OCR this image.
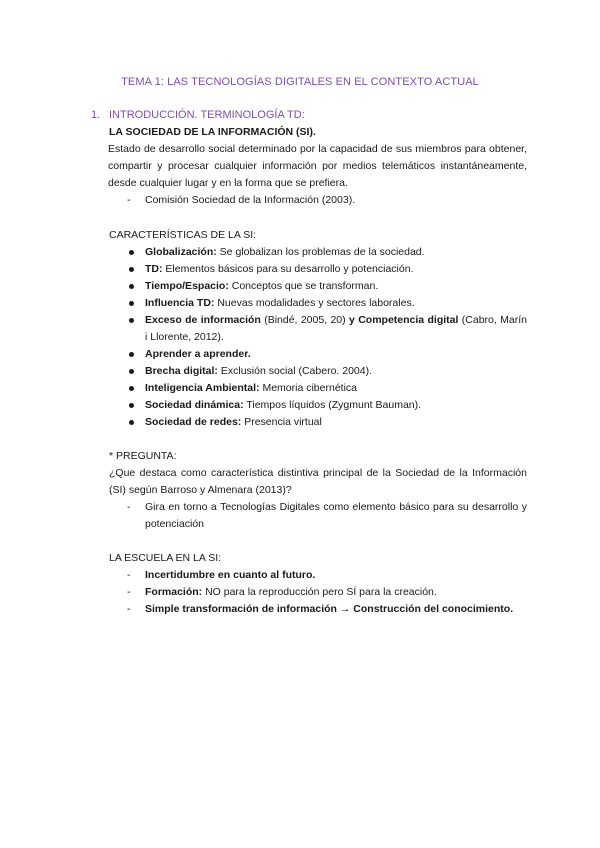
TEMA 1: LAS TECNOLOGÍAS DIGITALES EN EL CONTEXTO ACTUAL
1. INTRODUCCIÓN. TERMINOLOGÍA TD:
LA SOCIEDAD DE LA INFORMACIÓN (SI).
Estado de desarrollo social determinado por la capacidad de sus miembros para obtener, compartir y procesar cualquier información por medios telemáticos instantáneamente, desde cualquier lugar y en la forma que se prefiera.
- Comisión Sociedad de la Información (2003).
CARACTERÍSTICAS DE LA SI:
Globalización: Se globalizan los problemas de la sociedad.
TD: Elementos básicos para su desarrollo y potenciación.
Tiempo/Espacio: Conceptos que se transforman.
Influencia TD: Nuevas modalidades y sectores laborales.
Exceso de información (Bindé, 2005, 20) y Competencia digital (Cabro, Marín i Llorente, 2012).
Aprender a aprender.
Brecha digital: Exclusión social (Cabero. 2004).
Inteligencia Ambiental: Memoria cibernética
Sociedad dinámica: Tiempos líquidos (Zygmunt Bauman).
Sociedad de redes: Presencia virtual
* PREGUNTA:
¿Que destaca como característica distintiva principal de la Sociedad de la Información (SI) según Barroso y Almenara (2013)?
- Gira en torno a Tecnologías Digitales como elemento básico para su desarrollo y potenciación
LA ESCUELA EN LA SI:
- Incertidumbre en cuanto al futuro.
- Formación: NO para la reproducción pero SÍ para la creación.
- Simple transformación de información → Construcción del conocimiento.
